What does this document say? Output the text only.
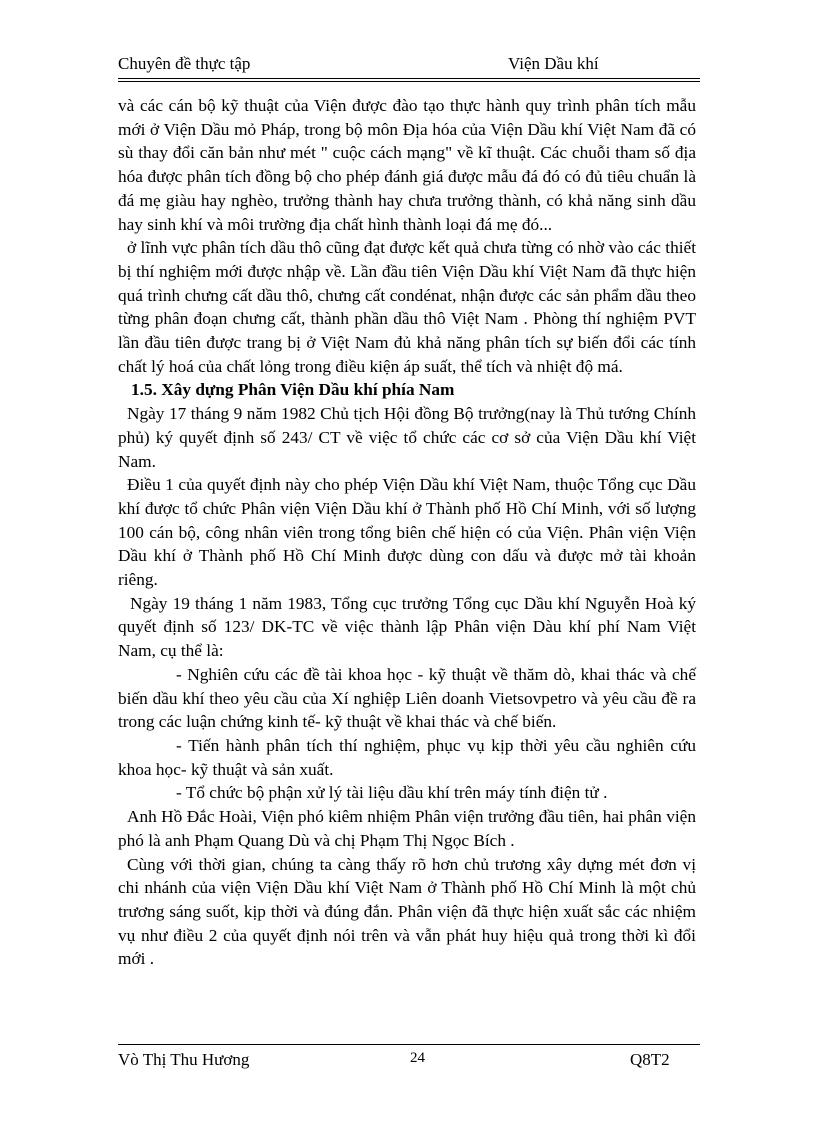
Chuyên đề thực tập	Viện Dầu khí

và các cán bộ kỹ thuật của Viện được đào tạo thực hành quy trình phân tích mẫu mới ở Viện Dầu mỏ Pháp, trong bộ môn Địa hóa của Viện Dầu khí Việt Nam đã có sù thay đổi căn bản như mét " cuộc cách mạng" về kĩ thuật. Các chuỗi tham số địa hóa được phân tích đồng bộ cho phép đánh giá được mẫu đá đó có đủ tiêu chuẩn là đá mẹ giàu hay nghèo, trưởng thành hay chưa trưởng thành, có khả năng sinh dầu hay sinh khí và môi trường địa chất hình thành loại đá mẹ đó...

ở lĩnh vực phân tích dầu thô cũng đạt được kết quả chưa từng có nhờ vào các thiết bị thí nghiệm mới được nhập về. Lần đầu tiên Viện Dầu khí Việt Nam đã thực hiện quá trình chưng cất dầu thô, chưng cất condénat, nhận được các sản phẩm dầu theo từng phân đoạn chưng cất, thành phần dầu thô Việt Nam . Phòng thí nghiệm PVT lần đầu tiên được trang bị ở Việt Nam đủ khả năng phân tích sự biến đổi các tính chất lý hoá của chất lỏng trong điều kiện áp suất, thể tích và nhiệt độ má.

1.5. Xây dựng Phân Viện Dầu khí phía Nam

Ngày 17 tháng 9 năm 1982 Chủ tịch Hội đồng Bộ trưởng(nay là Thủ tướng Chính phủ) ký quyết định số 243/ CT về việc tổ chức các cơ sở của Viện Dầu khí Việt Nam.

Điều 1 của quyết định này cho phép Viện Dầu khí Việt Nam, thuộc Tổng cục Dầu khí được tổ chức Phân viện Viện Dầu khí ở Thành phố Hồ Chí Minh, với số lượng 100 cán bộ, công nhân viên trong tổng biên chế hiện có của Viện. Phân viện Viện Dầu khí ở Thành phố Hồ Chí Minh được dùng con dấu và được mở tài khoản riêng.

Ngày 19 tháng 1 năm 1983, Tổng cục trưởng Tổng cục Dầu khí Nguyễn Hoà ký quyết định số 123/ DK-TC về việc thành lập Phân viện Dàu khí phí Nam Việt Nam, cụ thể là:

- Nghiên cứu các đề tài khoa học - kỹ thuật về thăm dò, khai thác và chế biến dầu khí theo yêu cầu của Xí nghiệp Liên doanh Vietsovpetro và yêu cầu đề ra trong các luận chứng kinh tế- kỹ thuật về khai thác và chế biến.

- Tiến hành phân tích thí nghiệm, phục vụ kịp thời yêu cầu nghiên cứu khoa học- kỹ thuật và sản xuất.

- Tổ chức bộ phận xử lý tài liệu dầu khí trên máy tính điện tử .

Anh Hồ Đắc Hoài, Viện phó kiêm nhiệm Phân viện trưởng đầu tiên, hai phân viện phó là anh Phạm Quang Dù và chị Phạm Thị Ngọc Bích .

Cùng với thời gian, chúng ta càng thấy rõ hơn chủ trương xây dựng mét đơn vị chi nhánh của viện Viện Dầu khí Việt Nam ở Thành phố Hồ Chí Minh là một chủ trương sáng suốt, kịp thời và đúng đắn. Phân viện đã thực hiện xuất sắc các nhiệm vụ như điều 2 của quyết định nói trên và vẫn phát huy hiệu quả trong thời kì đổi mới .

Vò Thị Thu Hương	24	Q8T2
